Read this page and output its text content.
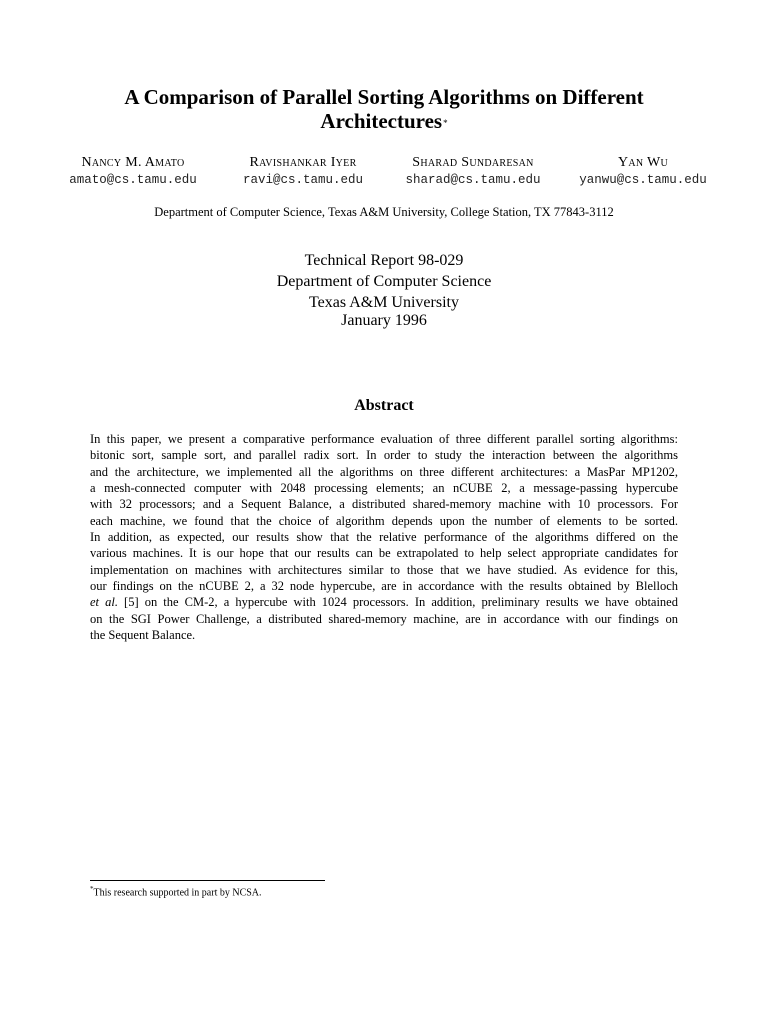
A Comparison of Parallel Sorting Algorithms on Different Architectures*
Nancy M. Amato
amato@cs.tamu.edu
Ravishankar Iyer
ravi@cs.tamu.edu
Sharad Sundaresan
sharad@cs.tamu.edu
Yan Wu
yanwu@cs.tamu.edu
Department of Computer Science, Texas A&M University, College Station, TX 77843-3112
Technical Report 98-029
Department of Computer Science
Texas A&M University
January 1996
Abstract
In this paper, we present a comparative performance evaluation of three different parallel sorting algorithms:
bitonic sort, sample sort, and parallel radix sort. In order to study the interaction between the algorithms
and the architecture, we implemented all the algorithms on three different architectures: a MasPar MP1202,
a mesh-connected computer with 2048 processing elements; an nCUBE 2, a message-passing hypercube
with 32 processors; and a Sequent Balance, a distributed shared-memory machine with 10 processors. For
each machine, we found that the choice of algorithm depends upon the number of elements to be sorted.
In addition, as expected, our results show that the relative performance of the algorithms differed on the
various machines. It is our hope that our results can be extrapolated to help select appropriate candidates for
implementation on machines with architectures similar to those that we have studied. As evidence for this,
our findings on the nCUBE 2, a 32 node hypercube, are in accordance with the results obtained by Blelloch
et al. [5] on the CM-2, a hypercube with 1024 processors. In addition, preliminary results we have obtained
on the SGI Power Challenge, a distributed shared-memory machine, are in accordance with our findings on
the Sequent Balance.
*This research supported in part by NCSA.
